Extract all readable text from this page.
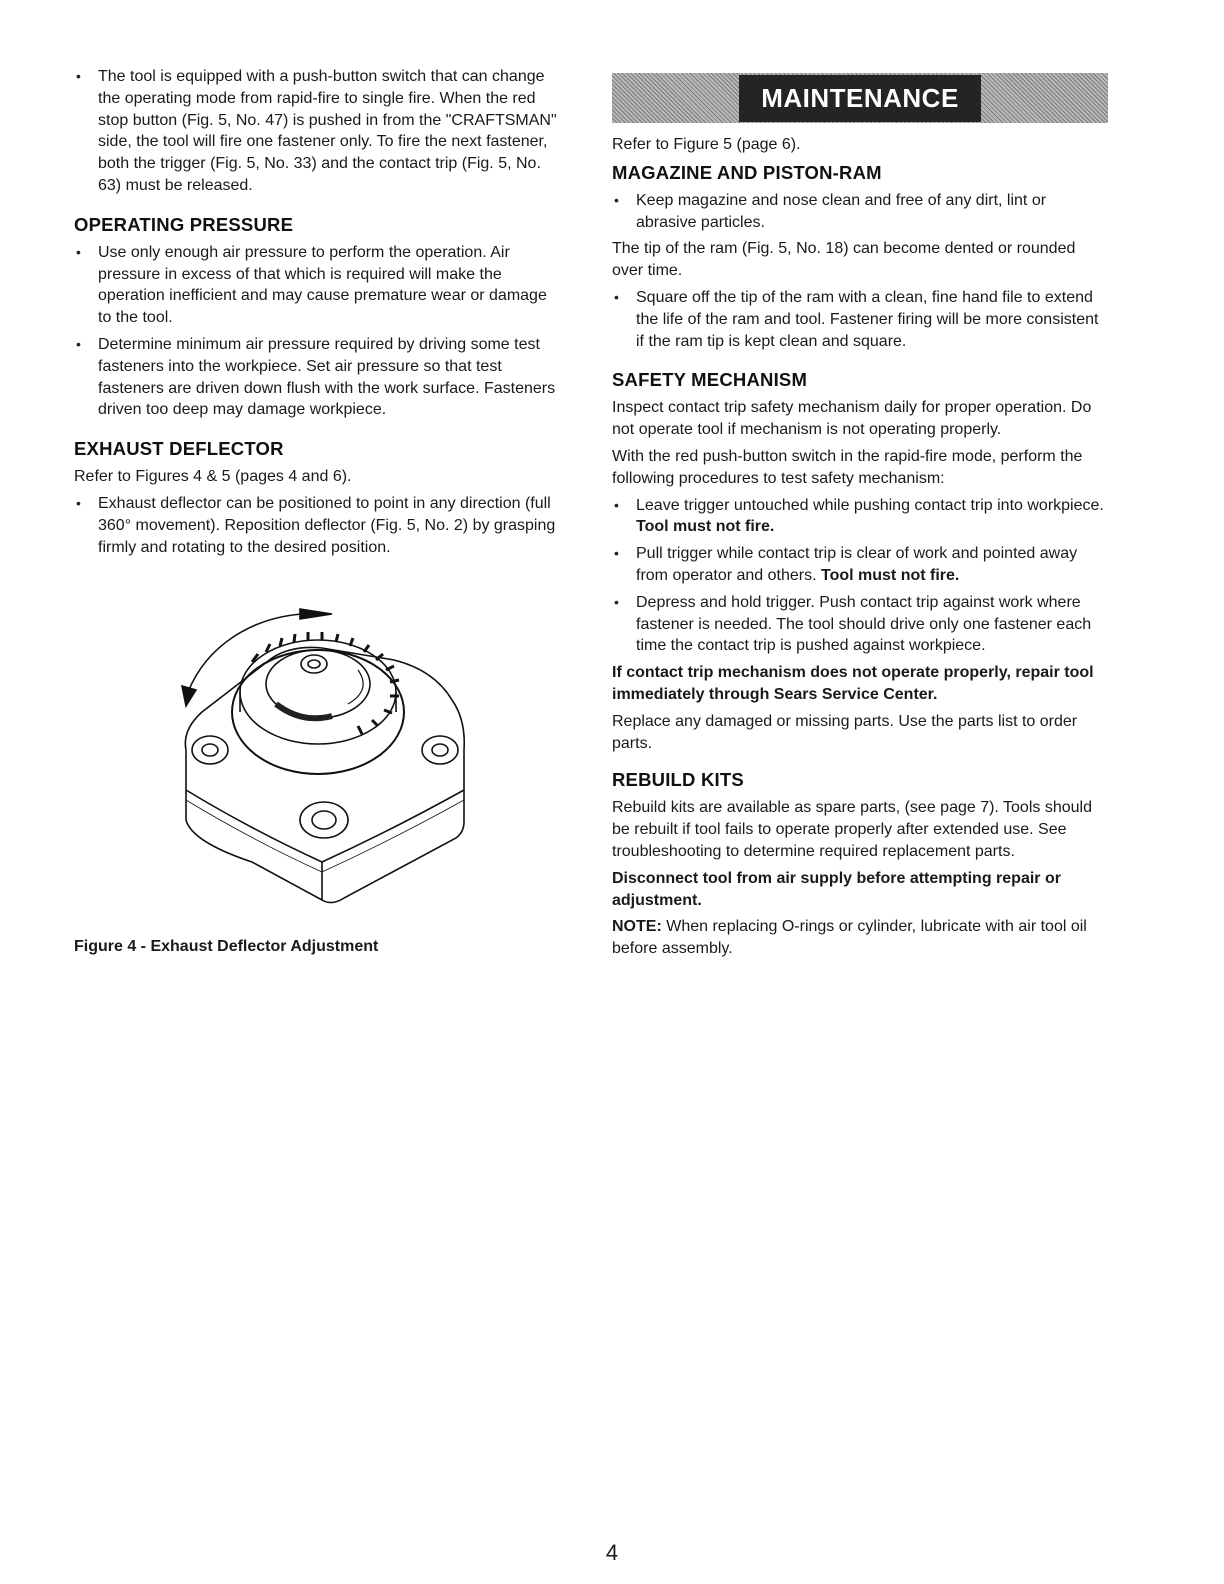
• The tool is equipped with a push-button switch that can change the operating mode from rapid-fire to single fire. When the red stop button (Fig. 5, No. 47) is pushed in from the "CRAFTSMAN" side, the tool will fire one fastener only. To fire the next fastener, both the trigger (Fig. 5, No. 33) and the contact trip (Fig. 5, No. 63) must be released.
OPERATING PRESSURE
• Use only enough air pressure to perform the operation. Air pressure in excess of that which is required will make the operation inefficient and may cause premature wear or damage to the tool.
• Determine minimum air pressure required by driving some test fasteners into the workpiece. Set air pressure so that test fasteners are driven down flush with the work surface. Fasteners driven too deep may damage workpiece.
EXHAUST DEFLECTOR

Refer to Figures 4 & 5 (pages 4 and 6).

• Exhaust deflector can be positioned to point in any direction (full 360° movement). Reposition deflector (Fig. 5, No. 2) by grasping firmly and rotating to the desired position.
Figure 4 - Exhaust Deflector Adjustment
MAINTENANCE

Refer to Figure 5 (page 6).

MAGAZINE AND PISTON-RAM
• Keep magazine and nose clean and free of any dirt, lint or abrasive particles.

The tip of the ram (Fig. 5, No. 18) can become dented or rounded over time.

• Square off the tip of the ram with a clean, fine hand file to extend the life of the ram and tool. Fastener firing will be more consistent if the ram tip is kept clean and square.
SAFETY MECHANISM

Inspect contact trip safety mechanism daily for proper operation. Do not operate tool if mechanism is not operating properly.

With the red push-button switch in the rapid-fire mode, perform the following procedures to test safety mechanism:

• Leave trigger untouched while pushing contact trip into workpiece. Tool must not fire.
• Pull trigger while contact trip is clear of work and pointed away from operator and others. Tool must not fire.
• Depress and hold trigger. Push contact trip against work where fastener is needed. The tool should drive only one fastener each time the contact trip is pushed against workpiece.

If contact trip mechanism does not operate properly, repair tool immediately through Sears Service Center.

Replace any damaged or missing parts. Use the parts list to order parts.

REBUILD KITS

Rebuild kits are available as spare parts, (see page 7). Tools should be rebuilt if tool fails to operate properly after extended use. See troubleshooting to determine required replacement parts.

Disconnect tool from air supply before attempting repair or adjustment.

NOTE: When replacing O-rings or cylinder, lubricate with air tool oil before assembly.

4
